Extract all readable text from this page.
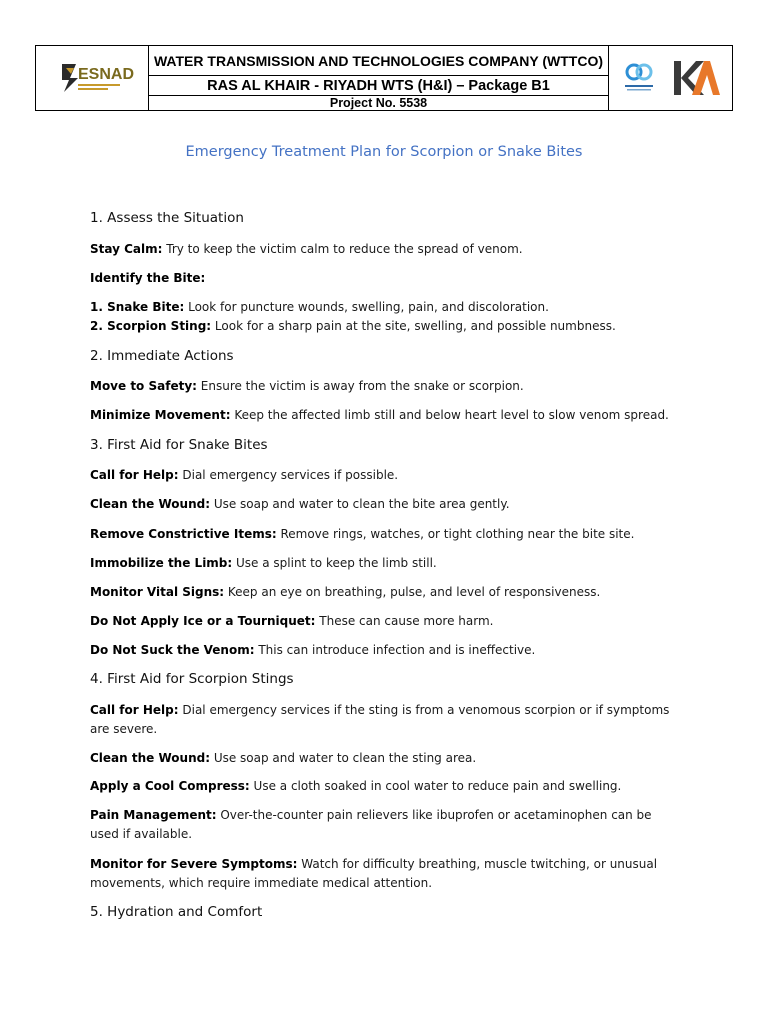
ESNAD
WATER TRANSMISSION AND TECHNOLOGIES COMPANY (WTTCO)
RAS AL KHAIR - RIYADH WTS (H&I) – Package B1
Project No. 5538
Emergency Treatment Plan for Scorpion or Snake Bites
1. Assess the Situation

Stay Calm: Try to keep the victim calm to reduce the spread of venom.

Identify the Bite:

1. Snake Bite: Look for puncture wounds, swelling, pain, and discoloration.

2. Scorpion Sting: Look for a sharp pain at the site, swelling, and possible numbness.

2. Immediate Actions

Move to Safety: Ensure the victim is away from the snake or scorpion.

Minimize Movement: Keep the affected limb still and below heart level to slow venom spread.

3. First Aid for Snake Bites

Call for Help: Dial emergency services if possible.

Clean the Wound: Use soap and water to clean the bite area gently.

Remove Constrictive Items: Remove rings, watches, or tight clothing near the bite site.

Immobilize the Limb: Use a splint to keep the limb still.

Monitor Vital Signs: Keep an eye on breathing, pulse, and level of responsiveness.

Do Not Apply Ice or a Tourniquet: These can cause more harm.

Do Not Suck the Venom: This can introduce infection and is ineffective.

4. First Aid for Scorpion Stings

Call for Help: Dial emergency services if the sting is from a venomous scorpion or if symptoms are severe.

Clean the Wound: Use soap and water to clean the sting area.

Apply a Cool Compress: Use a cloth soaked in cool water to reduce pain and swelling.

Pain Management: Over-the-counter pain relievers like ibuprofen or acetaminophen can be used if available.

Monitor for Severe Symptoms: Watch for difficulty breathing, muscle twitching, or unusual movements, which require immediate medical attention.

5. Hydration and Comfort
